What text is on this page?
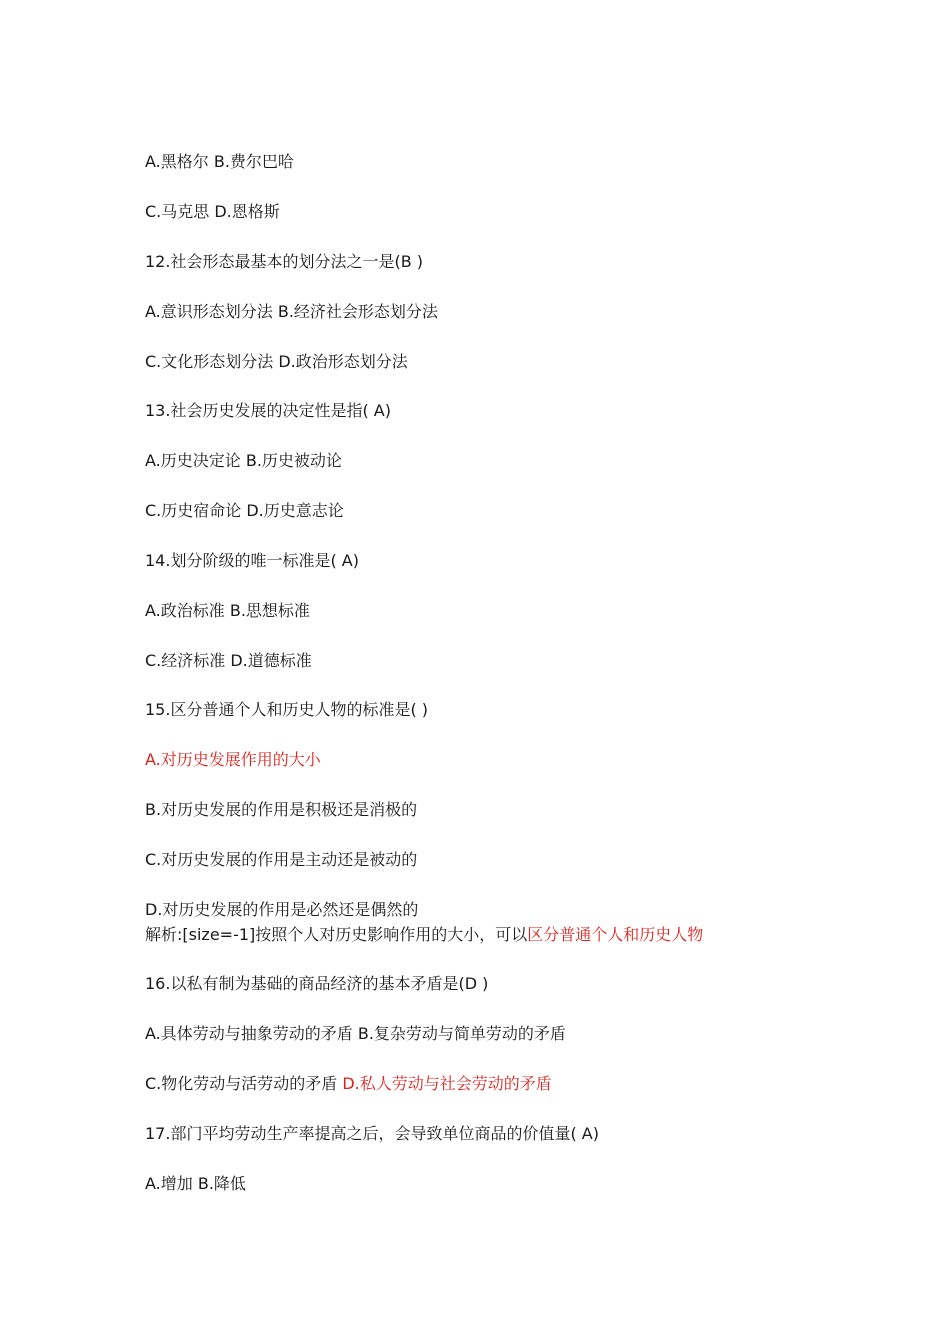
A.黑格尔 B.费尔巴哈
C.马克思 D.恩格斯
12.社会形态最基本的划分法之一是(B )
A.意识形态划分法 B.经济社会形态划分法
C.文化形态划分法 D.政治形态划分法
13.社会历史发展的决定性是指( A)
A.历史决定论 B.历史被动论
C.历史宿命论 D.历史意志论
14.划分阶级的唯一标准是( A)
A.政治标准 B.思想标准
C.经济标准 D.道德标准
15.区分普通个人和历史人物的标准是( )
A.对历史发展作用的大小
B.对历史发展的作用是积极还是消极的
C.对历史发展的作用是主动还是被动的
D.对历史发展的作用是必然还是偶然的
解析:[size=-1]按照个人对历史影响作用的大小，可以区分普通个人和历史人物
16.以私有制为基础的商品经济的基本矛盾是(D )
A.具体劳动与抽象劳动的矛盾 B.复杂劳动与简单劳动的矛盾
C.物化劳动与活劳动的矛盾 D.私人劳动与社会劳动的矛盾
17.部门平均劳动生产率提高之后，会导致单位商品的价值量( A)
A.增加 B.降低
